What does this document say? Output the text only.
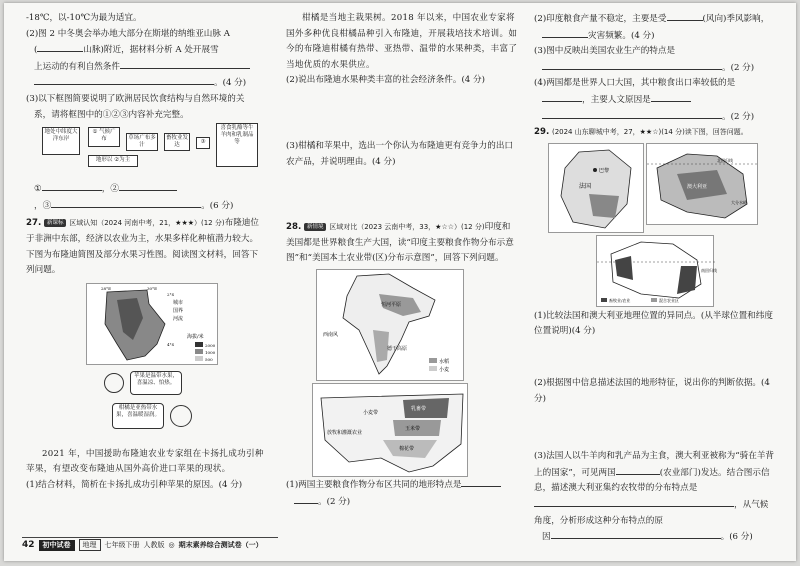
-18℃，以-10℃为最为适宜。

(2)图 2 中冬奥会举办地大部分在斯堪的纳维亚山脉 A

(	山脉)附近，据材料分析 A 处开展雪

上运动的有利自然条件

。(4 分)

(3)以下框图简要说明了欧洲居民饮食结构与自然环境的关

系，请将框图中的①②③内容补充完整。

地处中纬度大洋东岸
① 气候广布	草场广布多汁
畜牧业发达	③
喜食乳酪等牛羊肉和乳制品等
地形以 ②为主

①	，②

，③	。(6 分)

27. 新课标 区域认知（2024 河南中考，21，★★★）(12 分)布隆迪位于非洲中东部，经济以农业为主，水果多样化种植潜力较大。下图为布隆迪简图及部分水果习性图。阅读图文材料，回答下列问题。

城市
国界
河流
海拔/米
2000
1000
500
28°E	30°E
2°S
4°S
苹果是温带水果，喜温凉、怕热。
柑橘是亚热带水果，喜温暖湿润。

2021 年，中国援助布隆迪农业专家组在卡扬扎成功引种苹果，有望改变布隆迪从国外高价进口苹果的现状。

(1)结合材料，简析在卡扬扎成功引种苹果的原因。(4 分)

柑橘是当地主栽果树。2018 年以来，中国农业专家将国外多种优良柑橘品种引入布隆迪，开展栽培技术培训。如今的布隆迪柑橘有热带、亚热带、温带的水果种类，丰富了当地优质的水果供应。

(2)说出布隆迪水果种类丰富的社会经济条件。(4 分)

(3)柑橘和苹果中，选出一个你认为布隆迪更有竞争力的出口农产品，并说明理由。(4 分)

28. 新情境 区域对比（2023 云南中考，33，★☆☆）(12 分)印度和美国都是世界粮食生产大国，读“印度主要粮食作物分布示意图”和“美国本土农业带(区)分布示意图”，回答下列问题。

德干高原
恒河平原
西南风
水稻
小麦
乳畜带
玉米带
棉花带
小麦带
放牧和灌溉农业

(1)两国主要粮食作物分布区共同的地形特点是

。(2 分)

(2)印度粮食产量不稳定，主要是受	(风向)季风影响，

灾害频繁。(4 分)

(3)图中反映出美国农业生产的特点是

。(2 分)

(4)两国都是世界人口大国，其中粮食出口率较低的是

，主要人文原因是

。(2 分)

29. (2024 山东聊城中考，27，★★☆)(14 分)读下图，回答问题。

巴黎
法国
北回归线
澳大利亚
大分水岭
畜牧业/农业	混合农业区
南回归线

(1)比较法国和澳大利亚地理位置的异同点。(从半球位置和纬度位置说明)(4 分)

(2)根据图中信息描述法国的地形特征，说出你的判断依据。(4 分)

(3)法国人以牛羊肉和乳产品为主食，澳大利亚被称为“骑在羊背上的国家”，可见两国	(农业部门)发达。结合图示信息，描述澳大利亚集约农牧带的分布特点是，从气候角度，分析形成这种分布特点的原

因	。(6 分)

42	初中试卷	地理	七年级下册 人教版 ◎ 期末素养综合测试卷（一）
